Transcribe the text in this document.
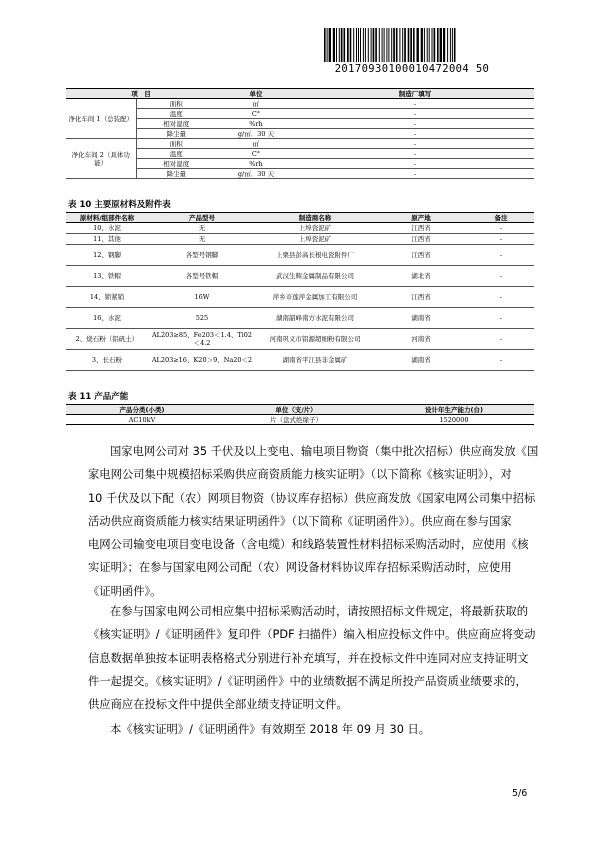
20170930100010472004 50
项　目		单位	制造厂填写
净化车间 1（总装配）	面积	㎡	-
	温度	C°	-
	相对湿度	%rh	-
	降尘量	g/㎡．30 天	-
净化车间 2（具体功能）	面积	㎡	-
	温度	C°	-
	相对湿度	%rh	-
	降尘量	g/㎡．30 天	-
表 10 主要原材料及附件表
原材料/组部件名称	产品型号	制造商名称	原产地	备注
10、水泥	无	上埠瓷泥矿	江西省	-
11、其他	无	上埠瓷泥矿	江西省	-
12、钢脚	各型号钢脚	上栗县彭高长根电瓷附件厂	江西省	-
13、铁帽	各型号铁帽	武汉生辉金属制品有限公司	湖北省	-
14、锁紧销	16W	萍乡市莲萍金属加工有限公司	江西省	-
16、水泥	525	湖南韶峰南方水泥有限公司	湖南省	-
2、烧石粉（铝矾土）	AL203≥85、Fe203＜1.4、Ti02＜4.2	河南巩义市铝源超细粉有限公司	河南省	-
3、长石粉	AL203≥16、K20＞9、Na20＜2	湖南省平江县非金属矿	湖南省	-
表 11 产品产能
产品分类(小类)	单位（支/片）	设计年生产能力(台)
AC10kV	片（盘式绝缘子）	1520000
国家电网公司对 35 千伏及以上变电、输电项目物资（集中批次招标）供应商发放《国
家电网公司集中规模招标采购供应商资质能力核实证明》（以下简称《核实证明》），对
10 千伏及以下配（农）网项目物资（协议库存招标）供应商发放《国家电网公司集中招标
活动供应商资质能力核实结果证明函件》（以下简称《证明函件》）。供应商在参与国家
电网公司输变电项目变电设备（含电缆）和线路装置性材料招标采购活动时，应使用《核
实证明》；在参与国家电网公司配（农）网设备材料协议库存招标采购活动时，应使用
《证明函件》。
在参与国家电网公司相应集中招标采购活动时，请按照招标文件规定，将最新获取的
《核实证明》/《证明函件》复印件（PDF 扫描件）编入相应投标文件中。供应商应将变动
信息数据单独按本证明表格格式分别进行补充填写，并在投标文件中连同对应支持证明文
件一起提交。《核实证明》/《证明函件》中的业绩数据不满足所投产品资质业绩要求的，
供应商应在投标文件中提供全部业绩支持证明文件。
本《核实证明》/《证明函件》有效期至 2018 年 09 月 30 日。
5/6
